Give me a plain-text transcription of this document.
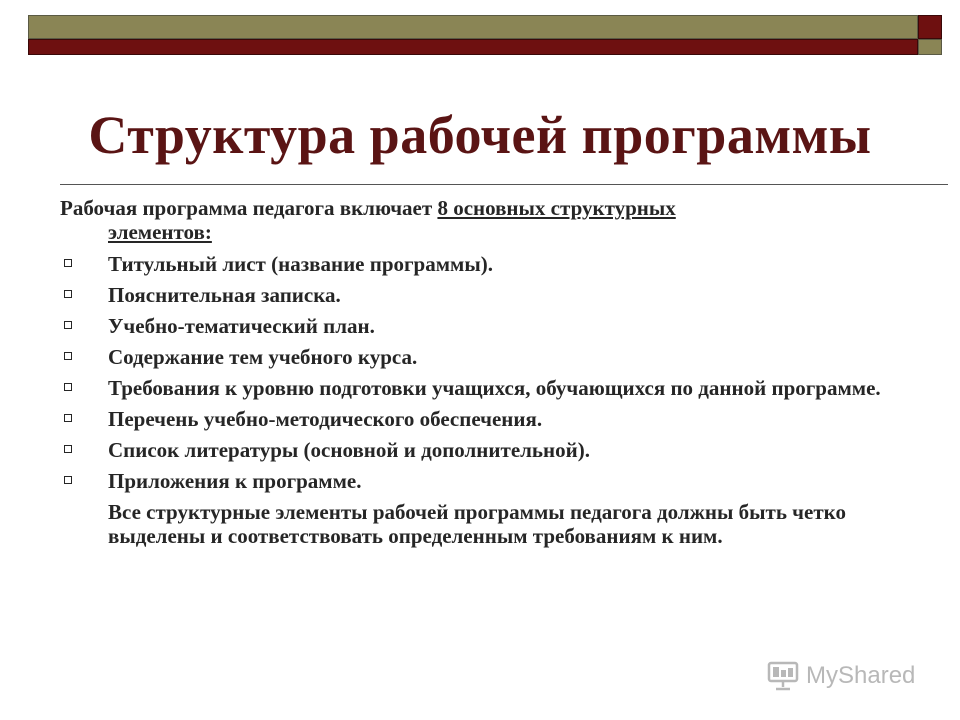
Структура рабочей программы

Рабочая программа педагога включает 8 основных структурных
элементов:

Титульный лист (название программы).
Пояснительная записка.
Учебно-тематический план.
Содержание тем учебного курса.
Требования к уровню подготовки учащихся, обучающихся по данной программе.
Перечень учебно-методического обеспечения.
Список литературы (основной и дополнительной).
Приложения к программе.

Все структурные элементы рабочей программы педагога должны быть четко выделены и соответствовать определенным требованиям к ним.

MyShared
